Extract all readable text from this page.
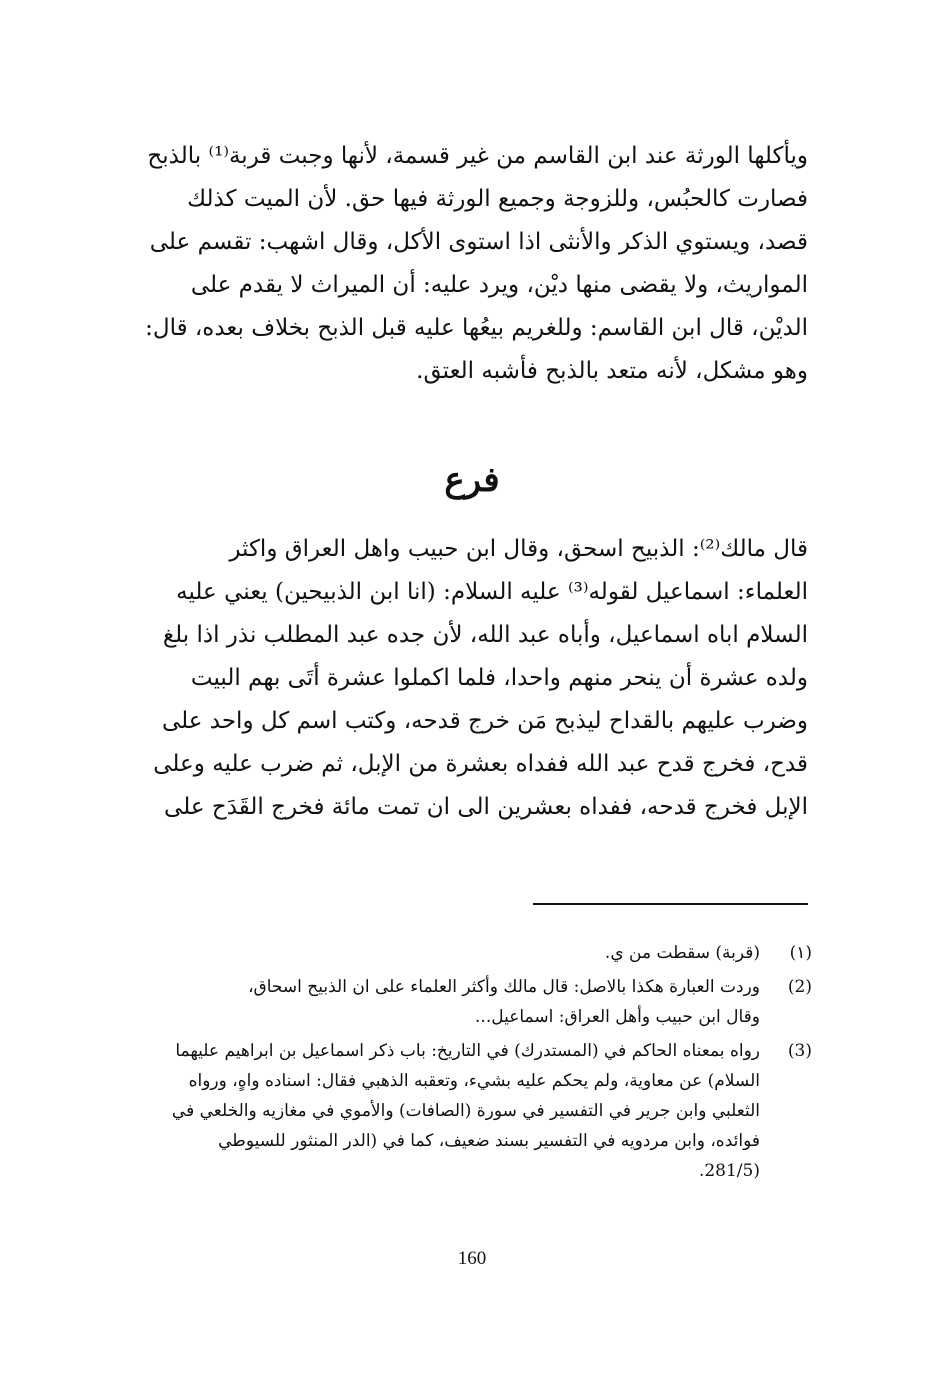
ويأكلها الورثة عند ابن القاسم من غير قسمة، لأنها وجبت قربة⁽¹⁾ بالذبح
فصارت كالحبُس، وللزوجة وجميع الورثة فيها حق. لأن الميت كذلك
قصد، ويستوي الذكر والأنثى اذا استوى الأكل، وقال اشهب: تقسم على
المواريث، ولا يقضى منها ديْن، ويرد عليه: أن الميراث لا يقدم على
الديْن، قال ابن القاسم: وللغريم بيعُها عليه قبل الذبح بخلاف بعده، قال:
وهو مشكل، لأنه متعد بالذبح فأشبه العتق.
فرع
قال مالك⁽²⁾: الذبيح اسحق، وقال ابن حبيب واهل العراق واكثر
العلماء: اسماعيل لقوله⁽³⁾ عليه السلام: (انا ابن الذبيحين) يعني عليه
السلام اباه اسماعيل، وأباه عبد الله، لأن جده عبد المطلب نذر اذا بلغ
ولده عشرة أن ينحر منهم واحدا، فلما اكملوا عشرة أتَى بهم البيت
وضرب عليهم بالقداح ليذبح مَن خرج قدحه، وكتب اسم كل واحد على
قدح، فخرج قدح عبد الله ففداه بعشرة من الإبل، ثم ضرب عليه وعلى
الإبل فخرج قدحه، ففداه بعشرين الى ان تمت مائة فخرج القَدَح على
(١)
(قربة) سقطت من ي.
(2)
وردت العبارة هكذا بالاصل: قال مالك وأكثر العلماء على ان الذبيح اسحاق،
وقال ابن حبيب وأهل العراق: اسماعيل...
(3)
رواه بمعناه الحاكم في (المستدرك) في التاريخ: باب ذكر اسماعيل بن ابراهيم عليهما
السلام) عن معاوية، ولم يحكم عليه بشيء، وتعقبه الذهبي فقال: اسناده واهٍ، ورواه
الثعلبي وابن جرير في التفسير في سورة (الصافات) والأموي في مغازيه والخلعي في
فوائده، وابن مردويه في التفسير بسند ضعيف، كما في (الدر المنثور للسيوطي
(281/5.
160
